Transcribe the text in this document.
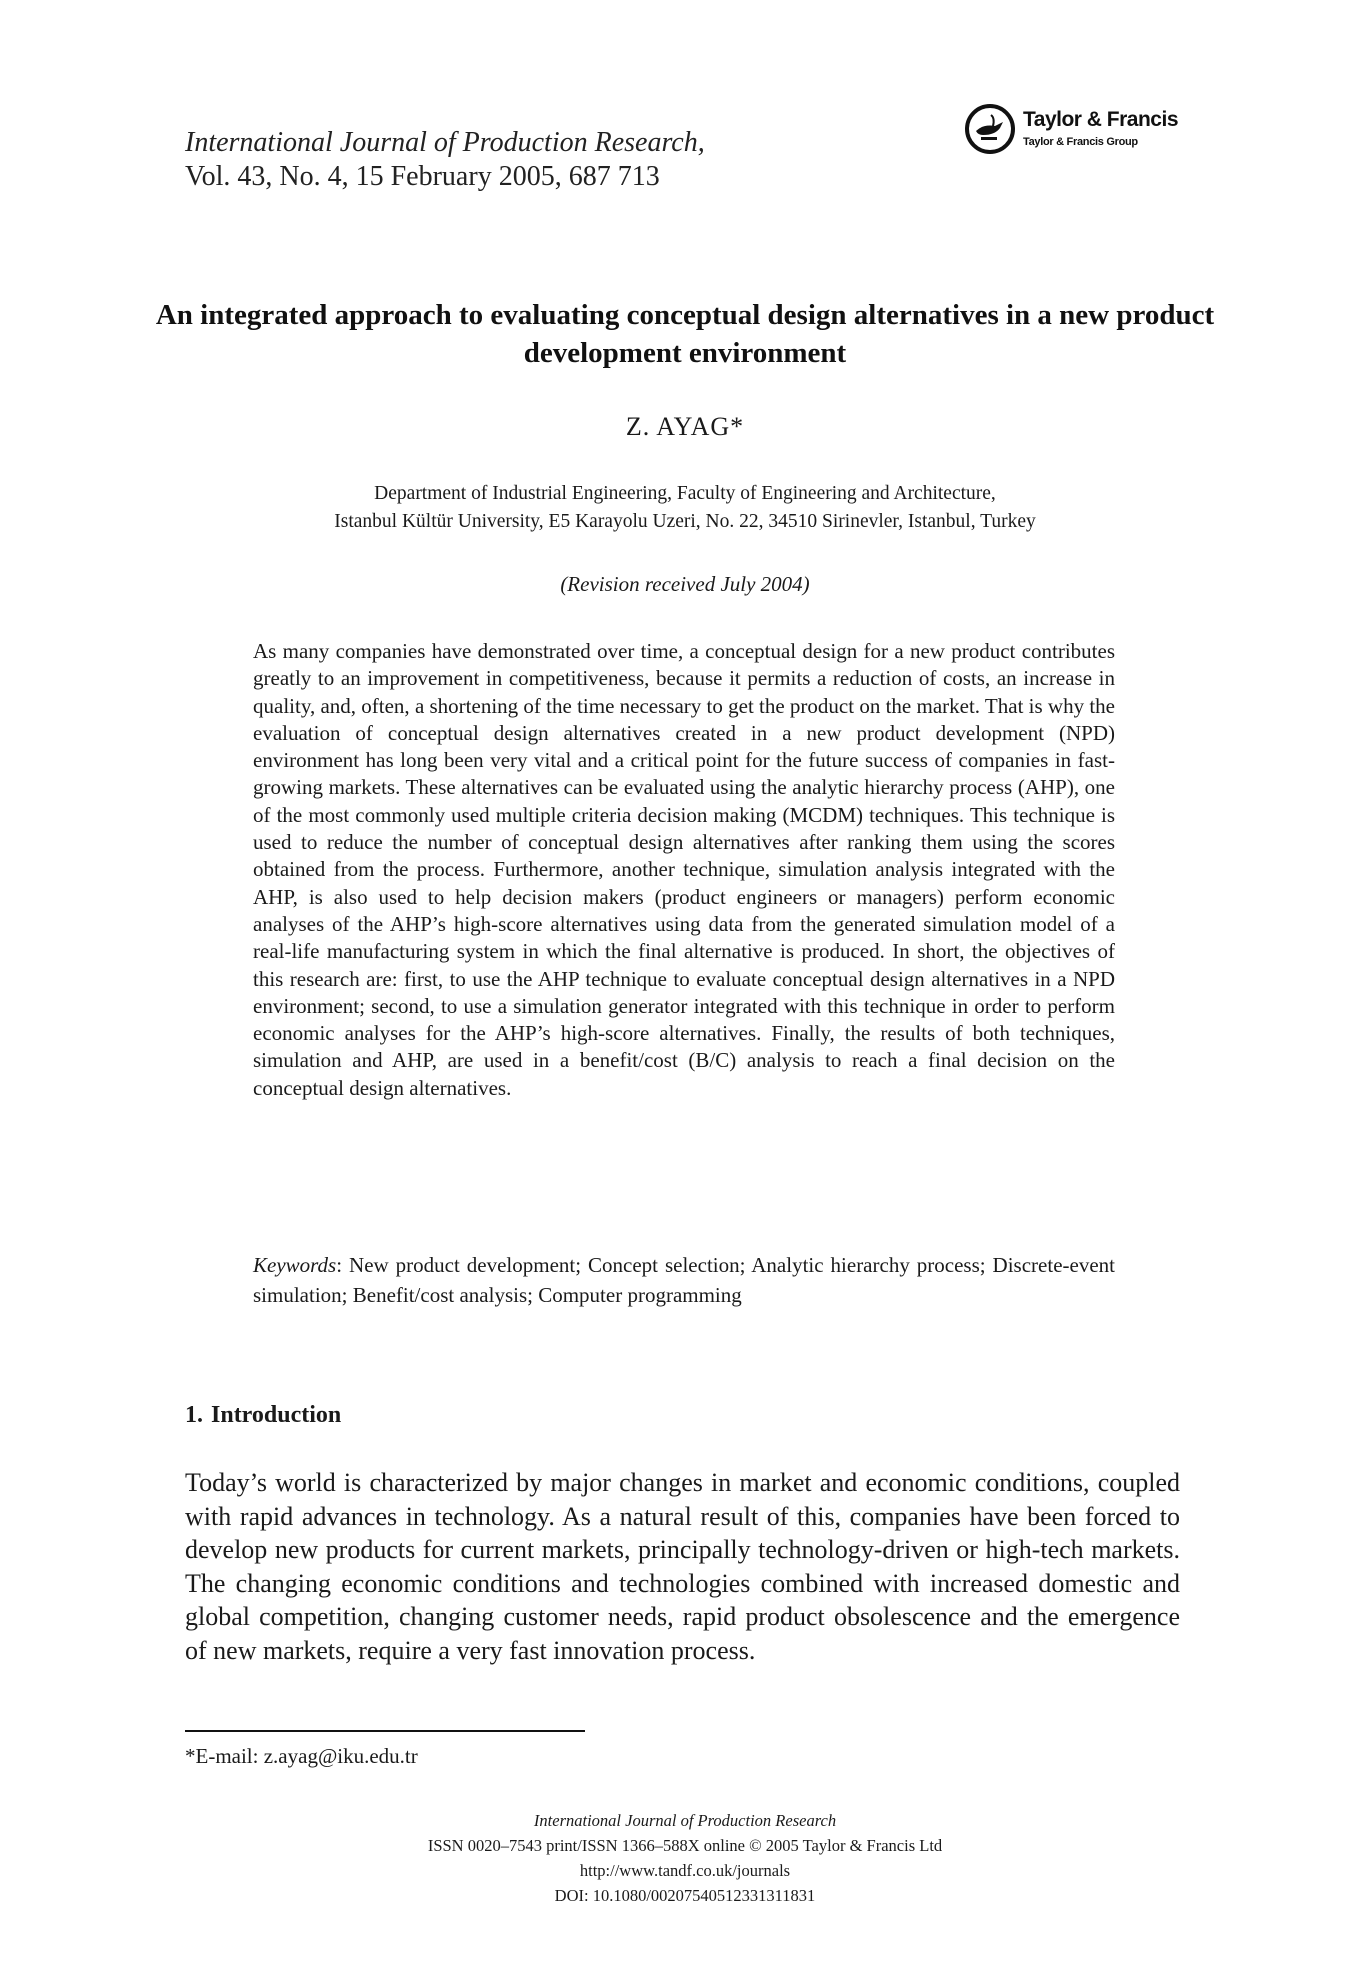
International Journal of Production Research,
Vol. 43, No. 4, 15 February 2005, 687 713
Taylor & Francis
Taylor & Francis Group
An integrated approach to evaluating conceptual design alternatives in a new product development environment
Z. AYAG*
Department of Industrial Engineering, Faculty of Engineering and Architecture,
Istanbul Kültür University, E5 Karayolu Uzeri, No. 22, 34510 Sirinevler, Istanbul, Turkey
(Revision received July 2004)

As many companies have demonstrated over time, a conceptual design for a new product contributes greatly to an improvement in competitiveness, because it permits a reduction of costs, an increase in quality, and, often, a shortening of the time necessary to get the product on the market. That is why the evaluation of conceptual design alternatives created in a new product development (NPD) environment has long been very vital and a critical point for the future success of companies in fast-growing markets. These alternatives can be evaluated using the analytic hierarchy process (AHP), one of the most commonly used multiple criteria decision making (MCDM) techniques. This technique is used to reduce the number of conceptual design alternatives after ranking them using the scores obtained from the process. Furthermore, another technique, simulation analysis integrated with the AHP, is also used to help decision makers (product engineers or managers) perform economic analyses of the AHP’s high-score alternatives using data from the generated simulation model of a real-life manufacturing system in which the final alternative is produced. In short, the objectives of this research are: first, to use the AHP technique to evaluate conceptual design alternatives in a NPD environment; second, to use a simulation generator integrated with this technique in order to perform economic analyses for the AHP’s high-score alternatives. Finally, the results of both techniques, simulation and AHP, are used in a benefit/cost (B/C) analysis to reach a final decision on the conceptual design alternatives.

Keywords: New product development; Concept selection; Analytic hierarchy process; Discrete-event simulation; Benefit/cost analysis; Computer programming

1. Introduction

Today’s world is characterized by major changes in market and economic conditions, coupled with rapid advances in technology. As a natural result of this, companies have been forced to develop new products for current markets, principally technology-driven or high-tech markets. The changing economic conditions and technologies combined with increased domestic and global competition, changing customer needs, rapid product obsolescence and the emergence of new markets, require a very fast innovation process.

*E-mail: z.ayag@iku.edu.tr
International Journal of Production Research
ISSN 0020–7543 print/ISSN 1366–588X online © 2005 Taylor & Francis Ltd
http://www.tandf.co.uk/journals
DOI: 10.1080/00207540512331311831
